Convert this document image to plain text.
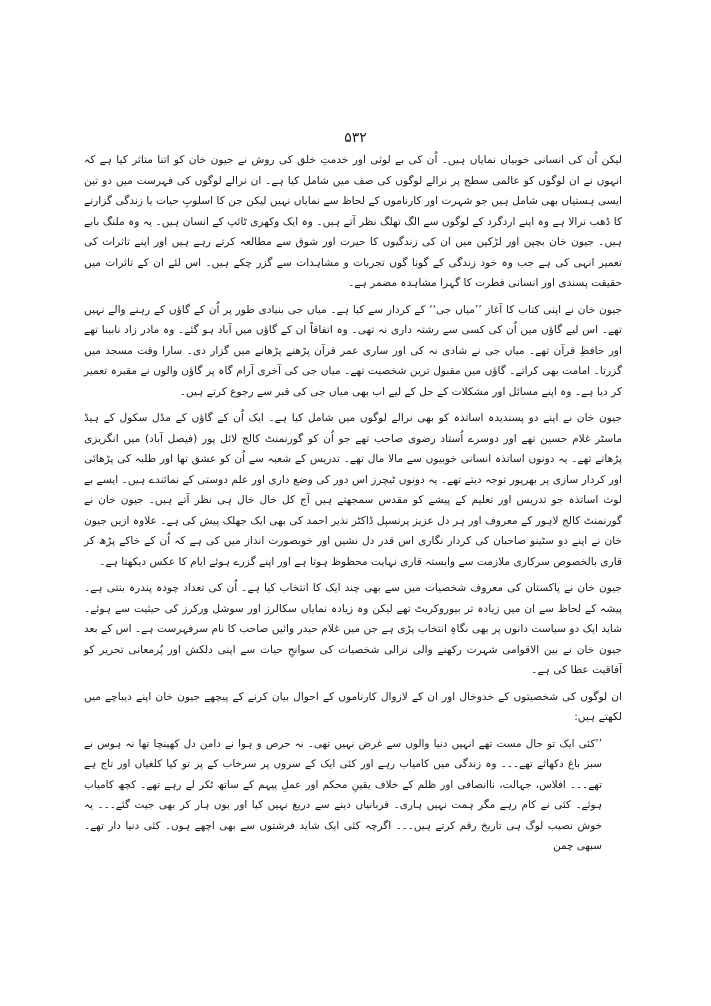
۵۳۲

لیکن اُن کی انسانی خوبیاں نمایاں ہیں۔ اُن کی بے لوثی اور خدمتِ خلق کی روش نے جیون خان کو اتنا متاثر کیا ہے کہ انہوں نے ان لوگوں کو عالمی سطح پر نرالے لوگوں کی صف میں شامل کیا ہے۔ ان نرالے لوگوں کی فہرست میں دو تین ایسی ہستیاں بھی شامل ہیں جو شہرت اور کارناموں کے لحاظ سے نمایاں نہیں لیکن جن کا اسلوبِ حیات یا زندگی گزارنے کا ڈھب نرالا ہے وہ اپنے اردگرد کے لوگوں سے الگ تھلگ نظر آتے ہیں۔ وہ ایک وکھری ٹائپ کے انسان ہیں۔ یہ وہ ملنگ بابے ہیں۔ جیون خان بچپن اور لڑکپن میں ان کی زندگیوں کا حیرت اور شوق سے مطالعہ کرتے رہے ہیں اور اپنے تاثرات کی تعمیر انہی کی ہے جب وہ خود زندگی کے گونا گوں تجربات و مشاہدات سے گزر چکے ہیں۔ اس لئے ان کے تاثرات میں حقیقت پسندی اور انسانی فطرت کا گہرا مشاہدہ مضمر ہے۔

جیون خان نے اپنی کتاب کا آغاز ’’میاں جی‘‘ کے کردار سے کیا ہے۔ میاں جی بنیادی طور پر اُن کے گاؤں کے رہنے والے نہیں تھے۔ اس لیے گاؤں میں اُن کی کسی سے رشتہ داری نہ تھی۔ وہ اتفاقاً ان کے گاؤں میں آباد ہو گئے۔ وہ مادر زاد نابینا تھے اور حافظِ قرآن تھے۔ میاں جی نے شادی نہ کی اور ساری عمر قرآن پڑھنے پڑھانے میں گزار دی۔ سارا وقت مسجد میں گزرتا۔ امامت بھی کراتے۔ گاؤں میں مقبول ترین شخصیت تھے۔ میاں جی کی آخری آرام گاہ پر گاؤں والوں نے مقبرہ تعمیر کر دیا ہے۔ وہ اپنے مسائل اور مشکلات کے حل کے لیے اب بھی میاں جی کی قبر سے رجوع کرتے ہیں۔

جیون خان نے اپنے دو پسندیدہ اساتذہ کو بھی نرالے لوگوں میں شامل کیا ہے۔ ایک اُن کے گاؤں کے مڈل سکول کے ہیڈ ماسٹر غلام حسین تھے اور دوسرے اُستاد رضوی صاحب تھے جو اُن کو گورنمنٹ کالج لائل پور (فیصل آباد) میں انگریزی پڑھاتے تھے۔ یہ دونوں اساتذہ انسانی خوبیوں سے مالا مال تھے۔ تدریس کے شعبہ سے اُن کو عشق تھا اور طلبہ کی پڑھائی اور کردار سازی پر بھرپور توجہ دیتے تھے۔ یہ دونوں ٹیچرز اس دور کی وضع داری اور علم دوستی کے نمائندے ہیں۔ ایسے بے لوث اساتذہ جو تدریس اور تعلیم کے پیشے کو مقدس سمجھتے ہیں آج کل خال خال ہی نظر آتے ہیں۔ جیون خان نے گورنمنٹ کالج لاہور کے معروف اور ہر دل عزیز پرنسپل ڈاکٹر نذیر احمد کی بھی ایک جھلک پیش کی ہے۔ علاوہ ازیں جیون خان نے اپنے دو سٹینو صاحبان کی کردار نگاری اس قدر دل نشیں اور خوبصورت انداز میں کی ہے کہ اُن کے خاکے پڑھ کر قاری بالخصوص سرکاری ملازمت سے وابستہ قاری نہایت محظوظ ہوتا ہے اور اپنے گزرے ہوئے ایام کا عکس دیکھتا ہے۔

جیون خان نے پاکستان کی معروف شخصیات میں سے بھی چند ایک کا انتخاب کیا ہے۔ اُن کی تعداد چودہ پندرہ بنتی ہے۔ پیشہ کے لحاظ سے ان میں زیادہ تر بیوروکریٹ تھے لیکن وہ زیادہ نمایاں سکالرز اور سوشل ورکرز کی حیثیت سے ہوئے۔ شاید ایک دو سیاست دانوں پر بھی نگاہِ انتخاب پڑی ہے جن میں غلام حیدر وائیں صاحب کا نام سرفہرست ہے۔ اس کے بعد جیون خان نے بین الاقوامی شہرت رکھنے والی نرالی شخصیات کی سوانحِ حیات سے اپنی دلکش اور پُرمعانی تحریر کو آفاقیت عطا کی ہے۔

ان لوگوں کی شخصیتوں کے خدوخال اور ان کے لازوال کارناموں کے احوال بیان کرنے کے پیچھے جیون خان اپنے دیباچے میں لکھتے ہیں:

’’کئی ایک تو حال مست تھے انہیں دنیا والوں سے غرض نہیں تھی۔ نہ حرص و ہوا نے دامن دل کھینچا تھا نہ ہوس نے سبز باغ دکھائے تھے۔۔۔ وہ زندگی میں کامیاب رہے اور کئی ایک کے سروں پر سرخاب کے پر تو کیا کلغیاں اور تاج ہے تھے۔۔۔ افلاس، جہالت، ناانصافی اور ظلم کے خلاف یقینِ محکم اور عملِ پیہم کے ساتھ ٹکر لے رہے تھے۔ کچھ کامیاب ہوئے۔ کئی نے کام رہے مگر ہمت نہیں ہاری۔ قربانیاں دینے سے دریغ نہیں کیا اور یوں ہار کر بھی جیت گئے۔۔۔ یہ خوش نصیب لوگ ہی تاریخ رقم کرتے ہیں۔۔۔ اگرچہ کئی ایک شاید فرشتوں سے بھی اچھے ہوں۔ کئی دنیا دار تھے۔ سبھی چمن
